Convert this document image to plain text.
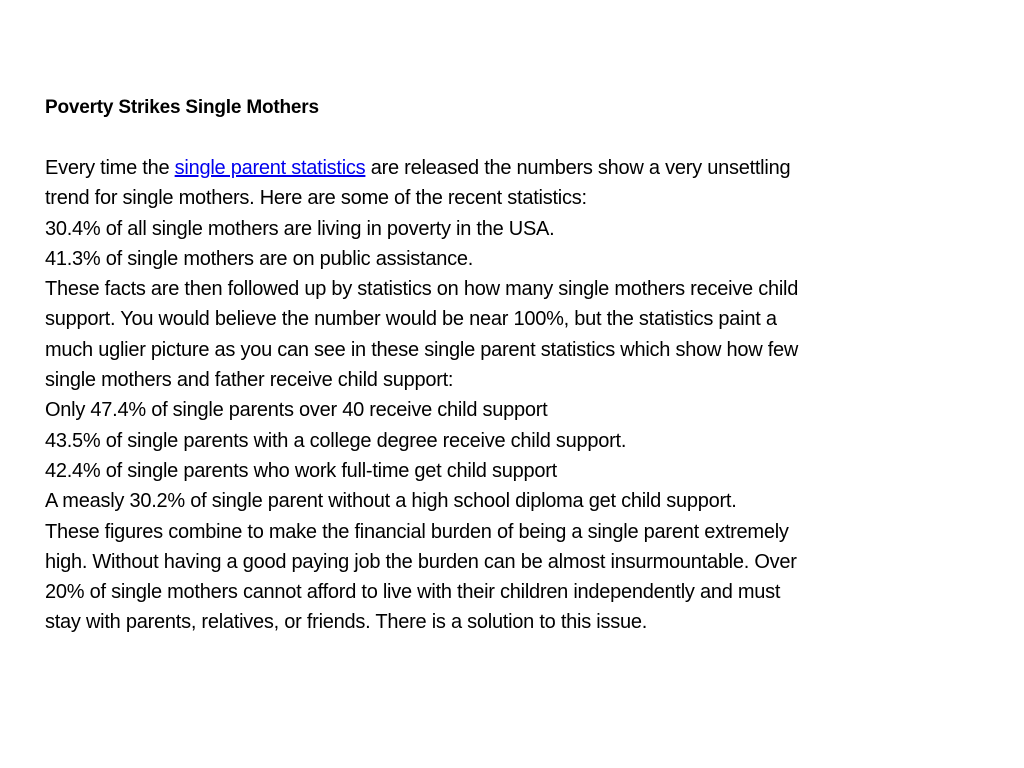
Poverty Strikes Single Mothers
Every time the single parent statistics are released the numbers show a very unsettling
trend for single mothers. Here are some of the recent statistics:
30.4% of all single mothers are living in poverty in the USA.
41.3% of single mothers are on public assistance.
These facts are then followed up by statistics on how many single mothers receive child
support. You would believe the number would be near 100%, but the statistics paint a
much uglier picture as you can see in these single parent statistics which show how few
single mothers and father receive child support:
Only 47.4% of single parents over 40 receive child support
43.5% of single parents with a college degree receive child support.
42.4% of single parents who work full-time get child support
A measly 30.2% of single parent without a high school diploma get child support.
These figures combine to make the financial burden of being a single parent extremely
high. Without having a good paying job the burden can be almost insurmountable. Over
20% of single mothers cannot afford to live with their children independently and must
stay with parents, relatives, or friends. There is a solution to this issue.
